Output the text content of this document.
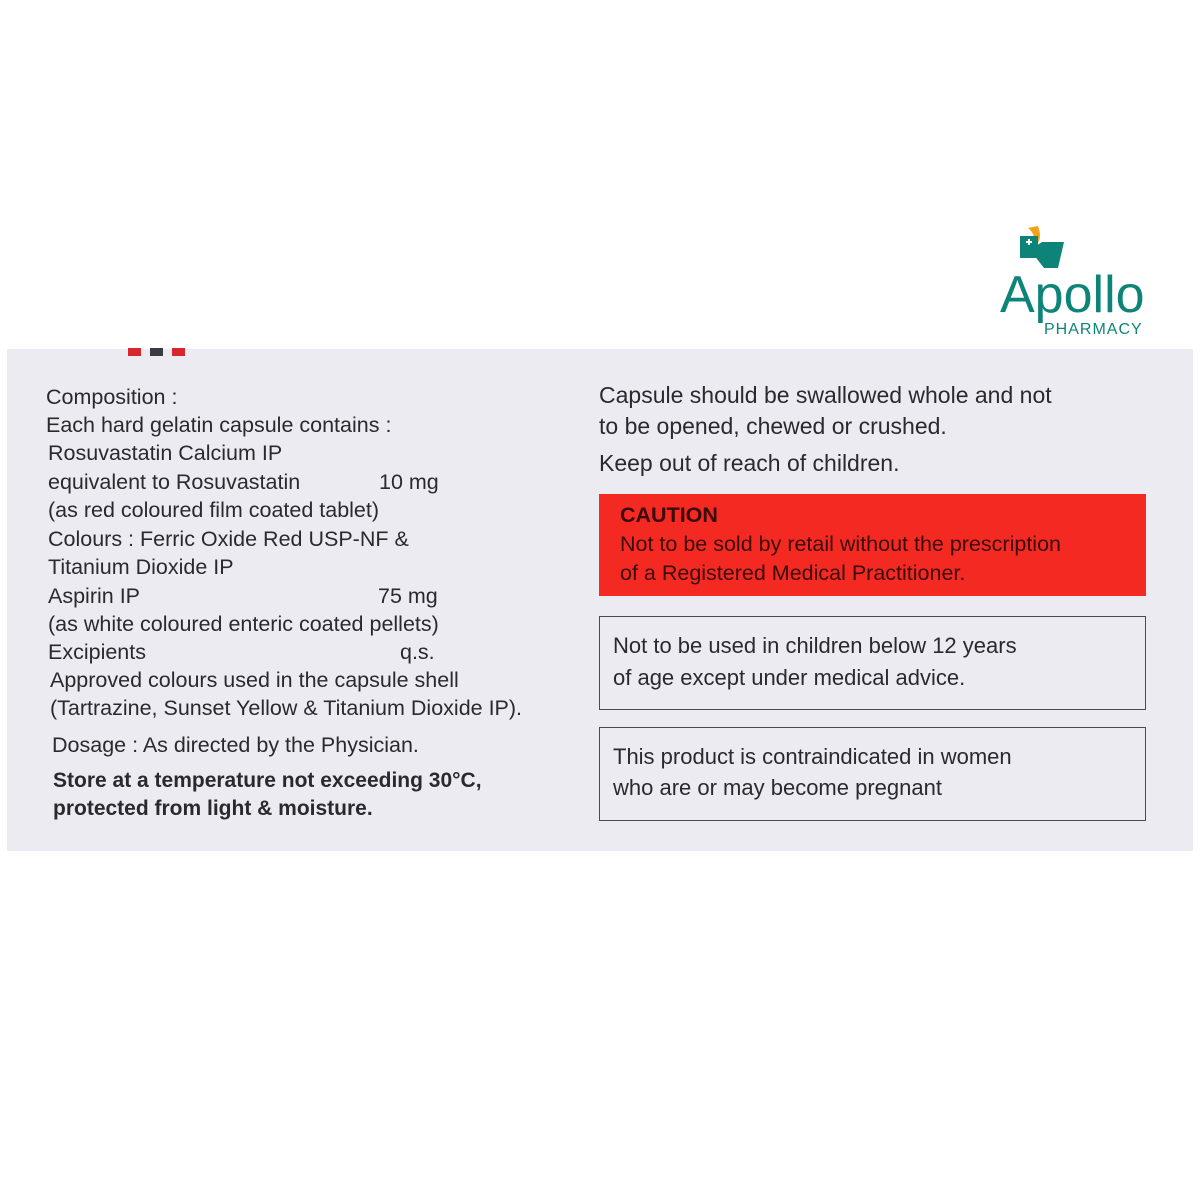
Apollo
PHARMACY
Composition :
Each hard gelatin capsule contains :
Rosuvastatin Calcium IP
equivalent to Rosuvastatin	10 mg
(as red coloured film coated tablet)
Colours : Ferric Oxide Red USP-NF &
Titanium Dioxide IP
Aspirin IP	75 mg
(as white coloured enteric coated pellets)
Excipients	q.s.
Approved colours used in the capsule shell
(Tartrazine, Sunset Yellow & Titanium Dioxide IP).
Dosage : As directed by the Physician.
Store at a temperature not exceeding 30°C,
protected from light & moisture.
Capsule should be swallowed whole and not
to be opened, chewed or crushed.
Keep out of reach of children.
CAUTION
Not to be sold by retail without the prescription
of a Registered Medical Practitioner.
Not to be used in children below 12 years
of age except under medical advice.
This product is contraindicated in women
who are or may become pregnant
